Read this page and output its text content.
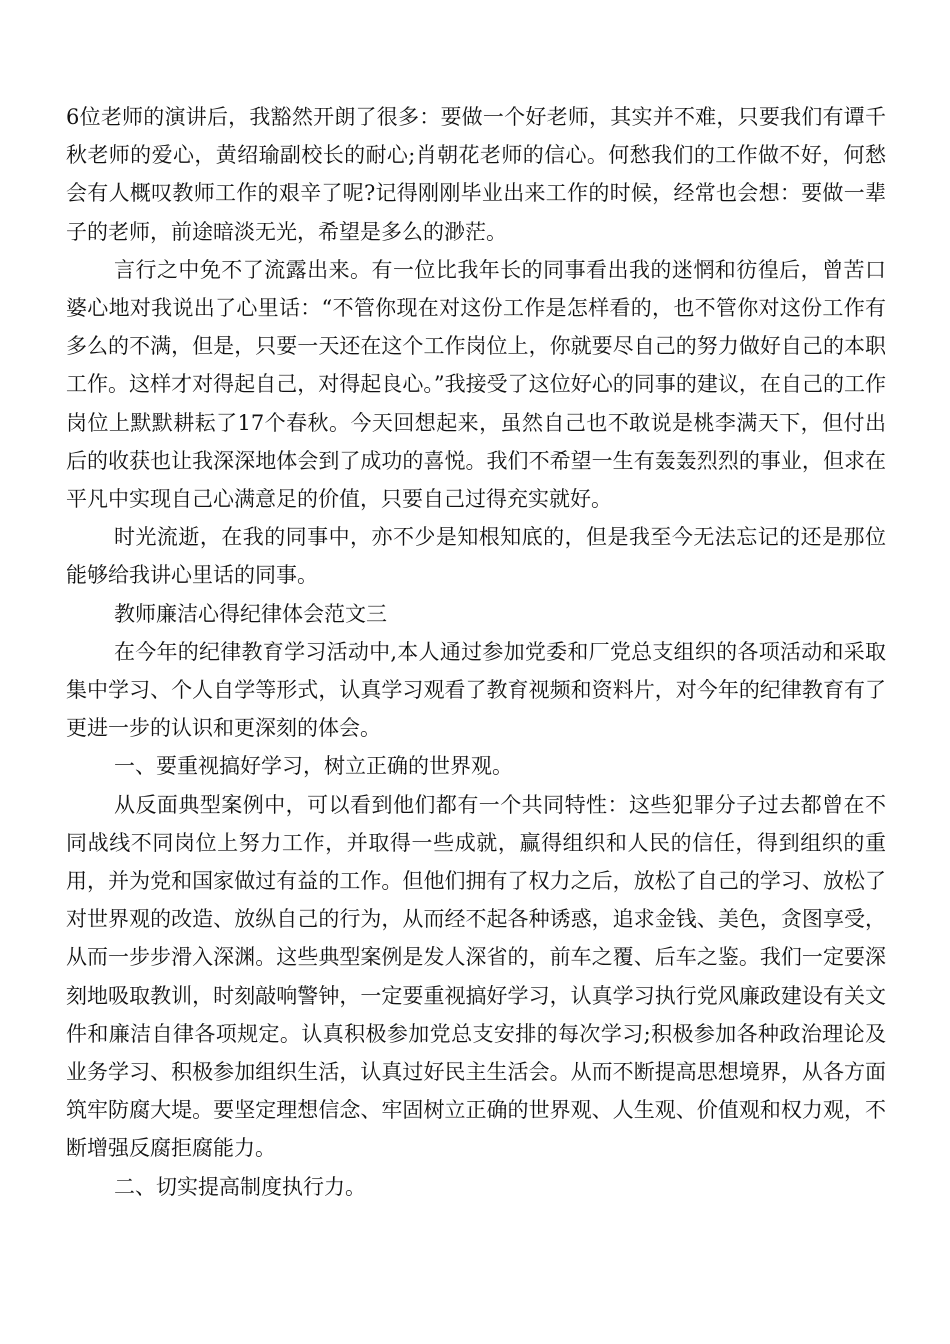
6位老师的演讲后，我豁然开朗了很多：要做一个好老师，其实并不难，只要我们有谭千秋老师的爱心，黄绍瑜副校长的耐心;肖朝花老师的信心。何愁我们的工作做不好，何愁会有人概叹教师工作的艰辛了呢?记得刚刚毕业出来工作的时候，经常也会想：要做一辈子的老师，前途暗淡无光，希望是多么的渺茫。

言行之中免不了流露出来。有一位比我年长的同事看出我的迷惘和彷徨后，曾苦口婆心地对我说出了心里话：“不管你现在对这份工作是怎样看的，也不管你对这份工作有多么的不满，但是，只要一天还在这个工作岗位上，你就要尽自己的努力做好自己的本职工作。这样才对得起自己，对得起良心。”我接受了这位好心的同事的建议，在自己的工作岗位上默默耕耘了17个春秋。今天回想起来，虽然自己也不敢说是桃李满天下，但付出后的收获也让我深深地体会到了成功的喜悦。我们不希望一生有轰轰烈烈的事业，但求在平凡中实现自己心满意足的价值，只要自己过得充实就好。

时光流逝，在我的同事中，亦不少是知根知底的，但是我至今无法忘记的还是那位能够给我讲心里话的同事。

教师廉洁心得纪律体会范文三

在今年的纪律教育学习活动中,本人通过参加党委和厂党总支组织的各项活动和采取集中学习、个人自学等形式，认真学习观看了教育视频和资料片，对今年的纪律教育有了更进一步的认识和更深刻的体会。

一、要重视搞好学习，树立正确的世界观。

从反面典型案例中，可以看到他们都有一个共同特性：这些犯罪分子过去都曾在不同战线不同岗位上努力工作，并取得一些成就，赢得组织和人民的信任，得到组织的重用，并为党和国家做过有益的工作。但他们拥有了权力之后，放松了自己的学习、放松了对世界观的改造、放纵自己的行为，从而经不起各种诱惑，追求金钱、美色，贪图享受，从而一步步滑入深渊。这些典型案例是发人深省的，前车之覆、后车之鉴。我们一定要深刻地吸取教训，时刻敲响警钟，一定要重视搞好学习，认真学习执行党风廉政建设有关文件和廉洁自律各项规定。认真积极参加党总支安排的每次学习;积极参加各种政治理论及业务学习、积极参加组织生活，认真过好民主生活会。从而不断提高思想境界，从各方面筑牢防腐大堤。要坚定理想信念、牢固树立正确的世界观、人生观、价值观和权力观，不断增强反腐拒腐能力。

二、切实提高制度执行力。
